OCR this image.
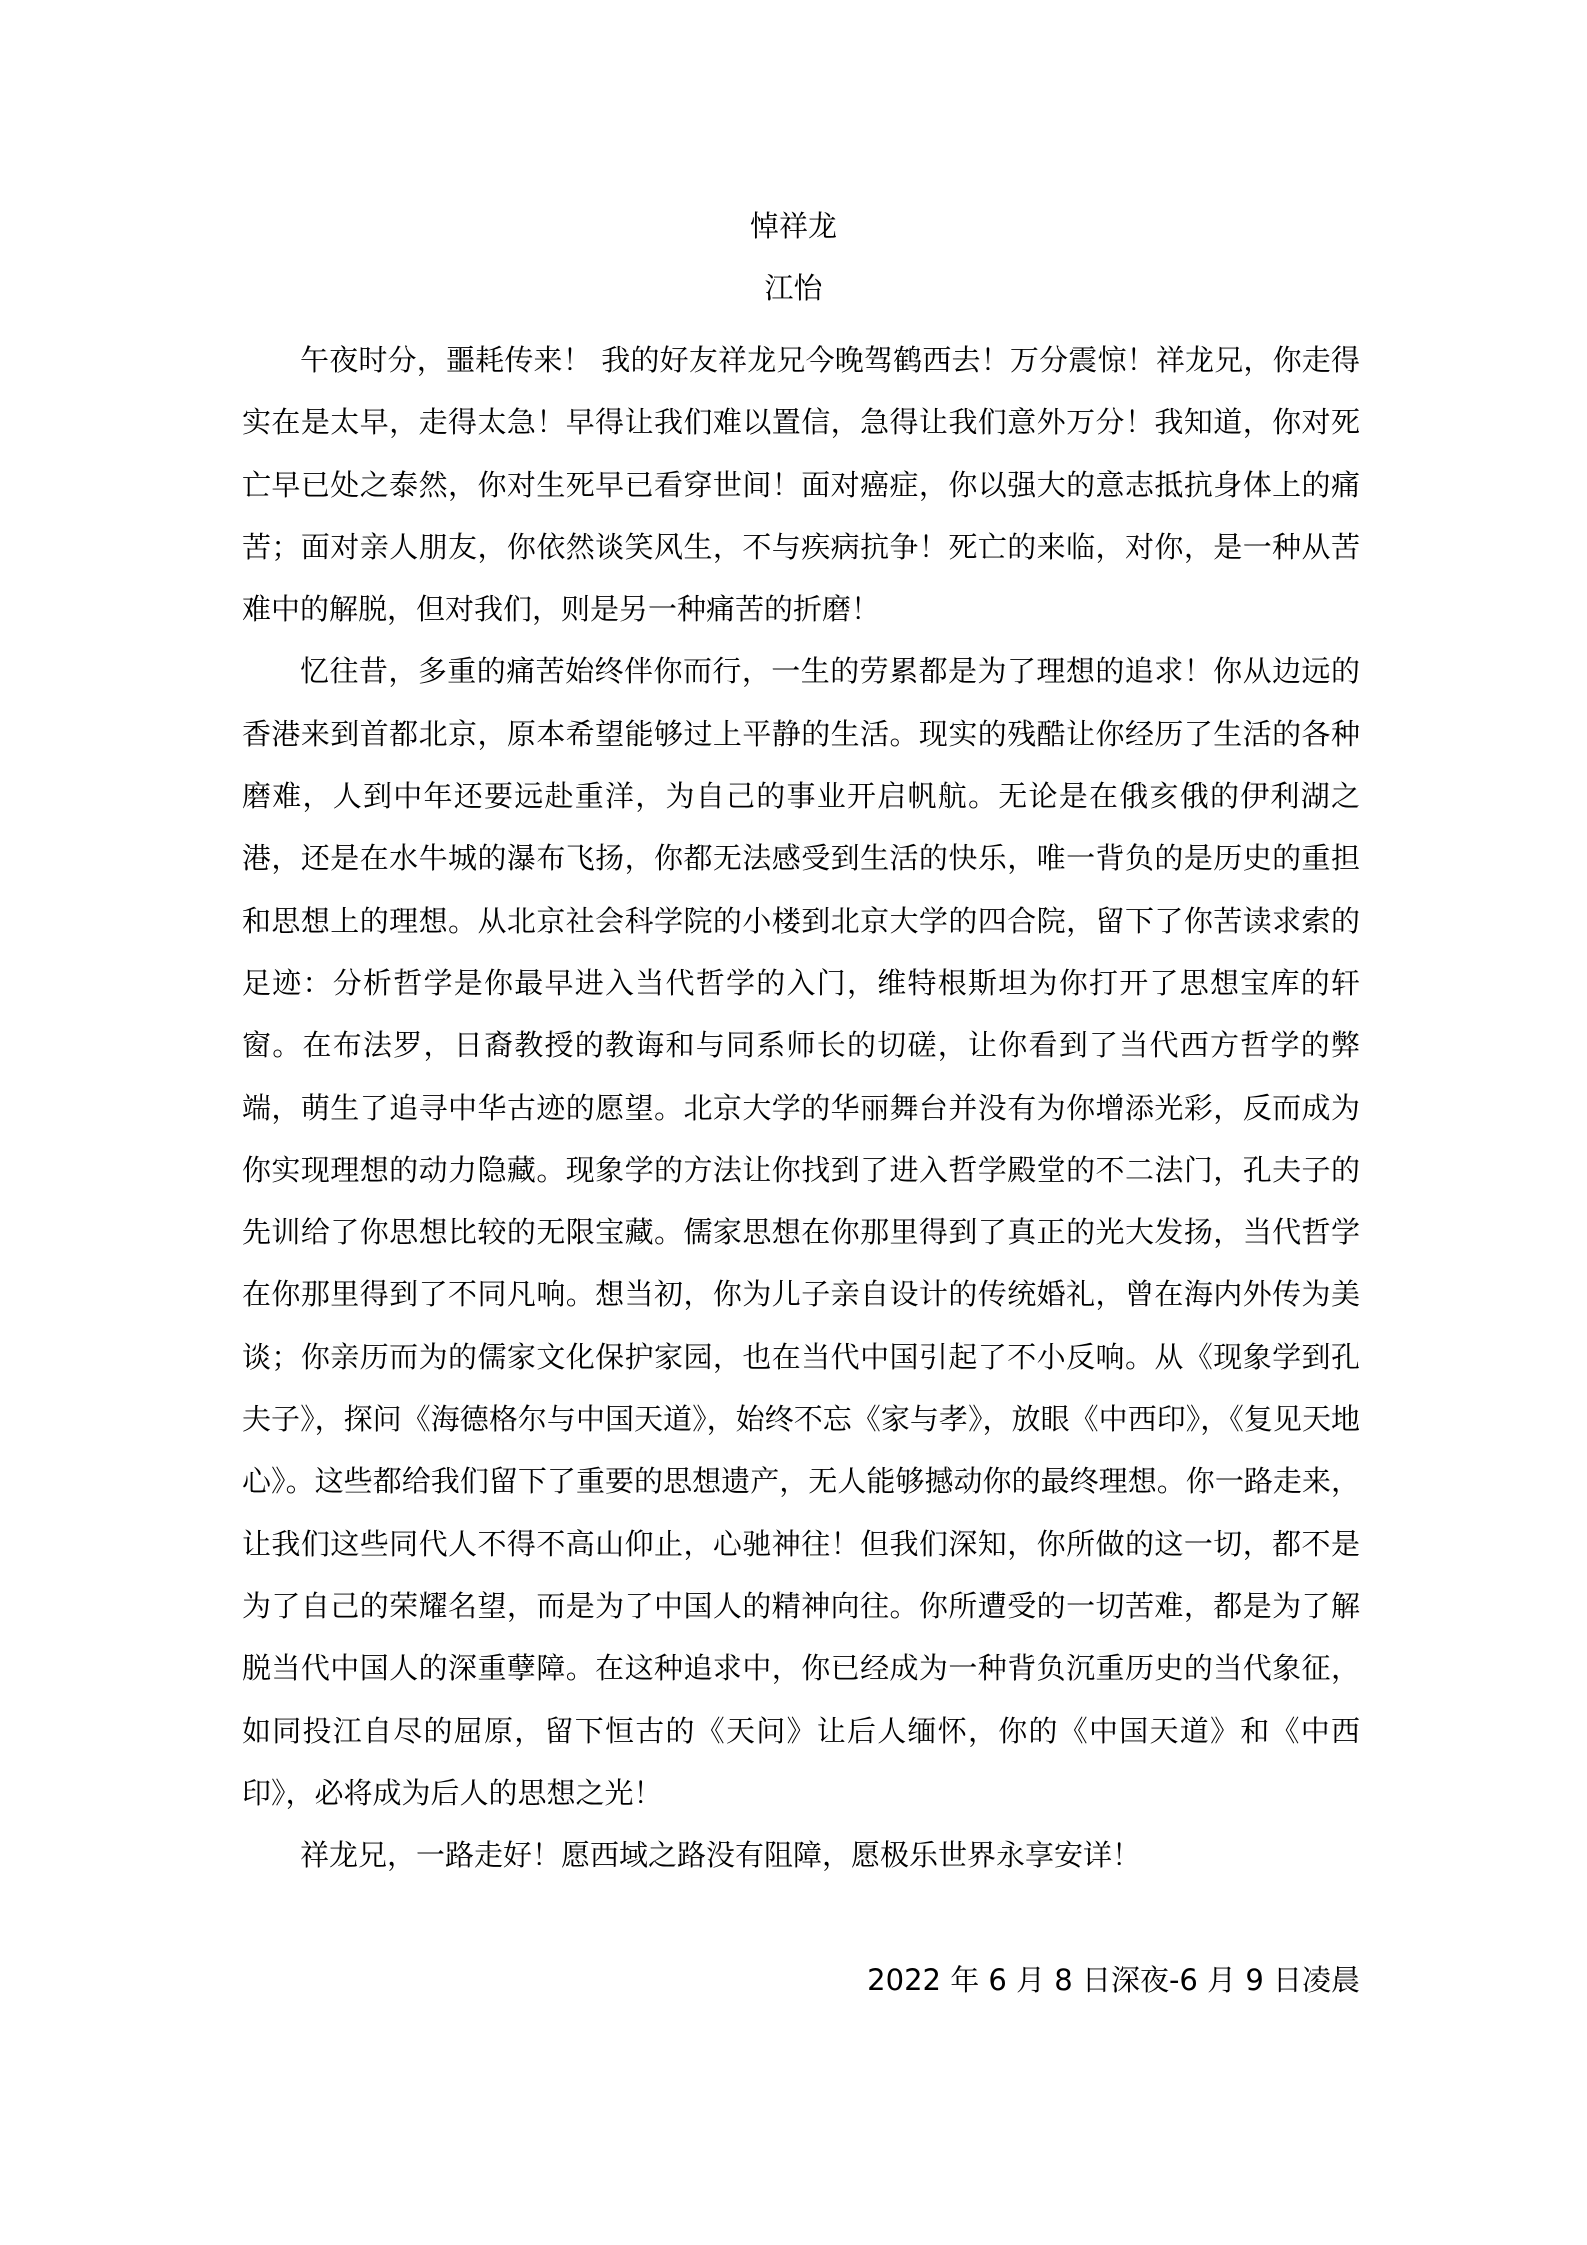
悼祥龙
江怡

午夜时分，噩耗传来！ 我的好友祥龙兄今晚驾鹤西去！万分震惊！祥龙兄，你走得实在是太早，走得太急！早得让我们难以置信，急得让我们意外万分！我知道，你对死亡早已处之泰然，你对生死早已看穿世间！面对癌症，你以强大的意志抵抗身体上的痛苦；面对亲人朋友，你依然谈笑风生，不与疾病抗争！死亡的来临，对你，是一种从苦难中的解脱，但对我们，则是另一种痛苦的折磨！

忆往昔，多重的痛苦始终伴你而行，一生的劳累都是为了理想的追求！你从边远的香港来到首都北京，原本希望能够过上平静的生活。现实的残酷让你经历了生活的各种磨难，人到中年还要远赴重洋，为自己的事业开启帆航。无论是在俄亥俄的伊利湖之港，还是在水牛城的瀑布飞扬，你都无法感受到生活的快乐，唯一背负的是历史的重担和思想上的理想。从北京社会科学院的小楼到北京大学的四合院，留下了你苦读求索的足迹：分析哲学是你最早进入当代哲学的入门，维特根斯坦为你打开了思想宝库的轩窗。在布法罗，日裔教授的教诲和与同系师长的切磋，让你看到了当代西方哲学的弊端，萌生了追寻中华古迹的愿望。北京大学的华丽舞台并没有为你增添光彩，反而成为你实现理想的动力隐藏。现象学的方法让你找到了进入哲学殿堂的不二法门，孔夫子的先训给了你思想比较的无限宝藏。儒家思想在你那里得到了真正的光大发扬，当代哲学在你那里得到了不同凡响。想当初，你为儿子亲自设计的传统婚礼，曾在海内外传为美谈；你亲历而为的儒家文化保护家园，也在当代中国引起了不小反响。从《现象学到孔夫子》，探问《海德格尔与中国天道》，始终不忘《家与孝》，放眼《中西印》，《复见天地心》。这些都给我们留下了重要的思想遗产，无人能够撼动你的最终理想。你一路走来，让我们这些同代人不得不高山仰止，心驰神往！但我们深知，你所做的这一切，都不是为了自己的荣耀名望，而是为了中国人的精神向往。你所遭受的一切苦难，都是为了解脱当代中国人的深重孽障。在这种追求中，你已经成为一种背负沉重历史的当代象征，如同投江自尽的屈原，留下恒古的《天问》让后人缅怀，你的《中国天道》和《中西印》，必将成为后人的思想之光！

祥龙兄，一路走好！愿西域之路没有阻障，愿极乐世界永享安详！

2022 年 6 月 8 日深夜-6 月 9 日凌晨
